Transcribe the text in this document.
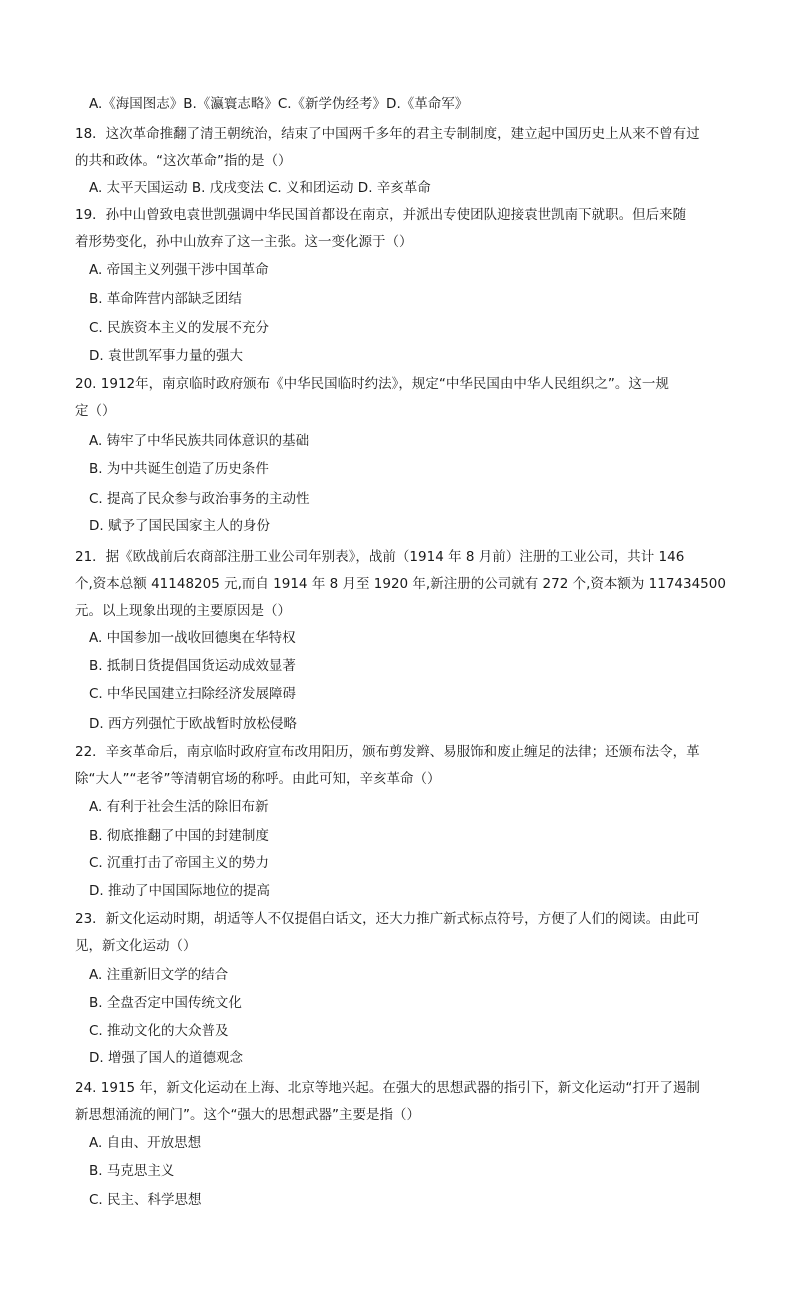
A.《海国图志》B.《瀛寰志略》C.《新学伪经考》D.《革命军》
18．这次革命推翻了清王朝统治，结束了中国两千多年的君主专制制度，建立起中国历史上从来不曾有过
的共和政体。“这次革命”指的是（）
A. 太平天国运动 B. 戊戌变法 C. 义和团运动 D. 辛亥革命
19．孙中山曾致电袁世凯强调中华民国首都设在南京，并派出专使团队迎接袁世凯南下就职。但后来随
着形势变化，孙中山放弃了这一主张。这一变化源于（）
A. 帝国主义列强干涉中国革命
B. 革命阵营内部缺乏团结
C. 民族资本主义的发展不充分
D. 袁世凯军事力量的强大
20. 1912年，南京临时政府颁布《中华民国临时约法》，规定“中华民国由中华人民组织之”。这一规
定（）
A. 铸牢了中华民族共同体意识的基础
B. 为中共诞生创造了历史条件
C. 提高了民众参与政治事务的主动性
D. 赋予了国民国家主人的身份
21．据《欧战前后农商部注册工业公司年别表》，战前（1914 年 8 月前）注册的工业公司，共计 146
个,资本总额 41148205 元,而自 1914 年 8 月至 1920 年,新注册的公司就有 272 个,资本额为 117434500
元。以上现象出现的主要原因是（）
A. 中国参加一战收回德奥在华特权
B. 抵制日货提倡国货运动成效显著
C. 中华民国建立扫除经济发展障碍
D. 西方列强忙于欧战暂时放松侵略
22．辛亥革命后，南京临时政府宣布改用阳历，颁布剪发辫、易服饰和废止缠足的法律；还颁布法令，革
除“大人”“老爷”等清朝官场的称呼。由此可知，辛亥革命（）
A. 有利于社会生活的除旧布新
B. 彻底推翻了中国的封建制度
C. 沉重打击了帝国主义的势力
D. 推动了中国国际地位的提高
23．新文化运动时期，胡适等人不仅提倡白话文，还大力推广新式标点符号，方便了人们的阅读。由此可
见，新文化运动（）
A. 注重新旧文学的结合
B. 全盘否定中国传统文化
C. 推动文化的大众普及
D. 增强了国人的道德观念
24. 1915 年，新文化运动在上海、北京等地兴起。在强大的思想武器的指引下，新文化运动“打开了遏制
新思想涌流的闸门”。这个“强大的思想武器”主要是指（）
A. 自由、开放思想
B. 马克思主义
C. 民主、科学思想
